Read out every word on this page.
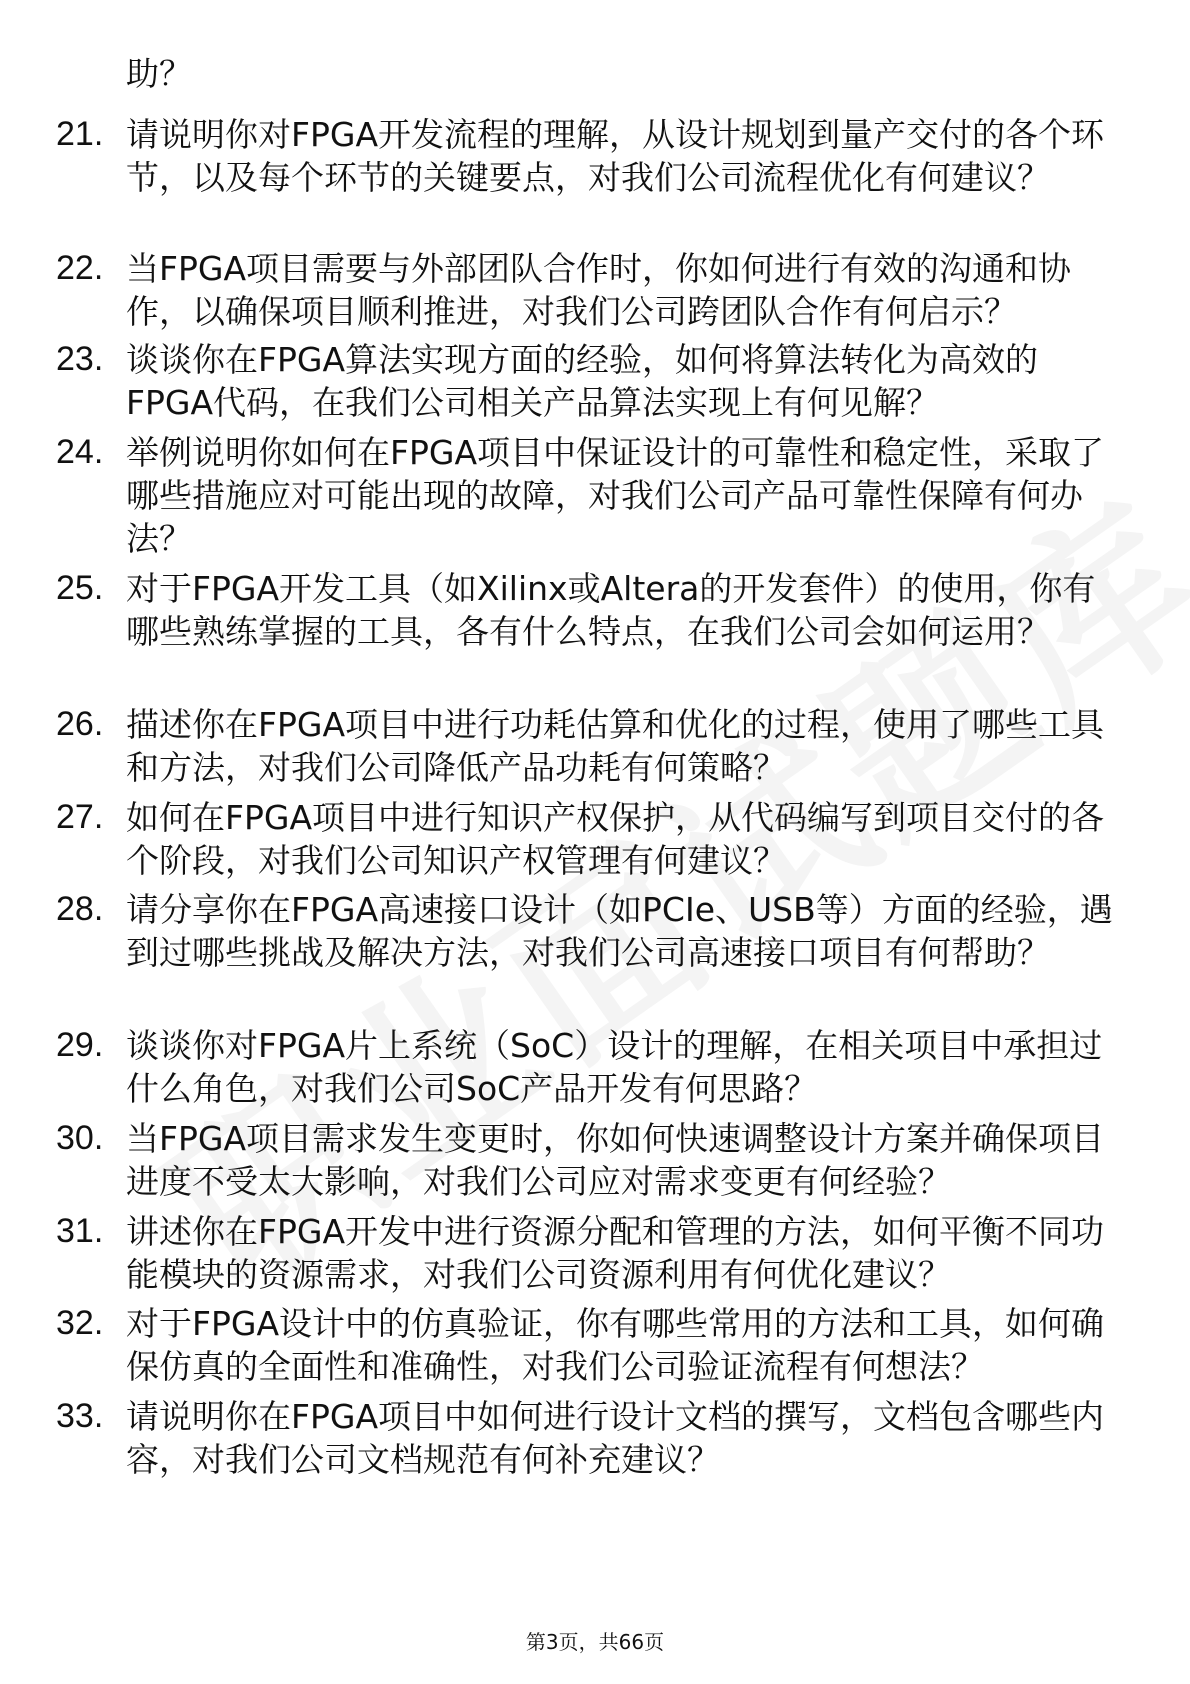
助？
21. 请说明你对FPGA开发流程的理解，从设计规划到量产交付的各个环节，以及每个环节的关键要点，对我们公司流程优化有何建议？
22. 当FPGA项目需要与外部团队合作时，你如何进行有效的沟通和协作，以确保项目顺利推进，对我们公司跨团队合作有何启示？
23. 谈谈你在FPGA算法实现方面的经验，如何将算法转化为高效的FPGA代码，在我们公司相关产品算法实现上有何见解？
24. 举例说明你如何在FPGA项目中保证设计的可靠性和稳定性，采取了哪些措施应对可能出现的故障，对我们公司产品可靠性保障有何办法？
25. 对于FPGA开发工具（如Xilinx或Altera的开发套件）的使用，你有哪些熟练掌握的工具，各有什么特点，在我们公司会如何运用？
26. 描述你在FPGA项目中进行功耗估算和优化的过程，使用了哪些工具和方法，对我们公司降低产品功耗有何策略？
27. 如何在FPGA项目中进行知识产权保护，从代码编写到项目交付的各个阶段，对我们公司知识产权管理有何建议？
28. 请分享你在FPGA高速接口设计（如PCIe、USB等）方面的经验，遇到过哪些挑战及解决方法，对我们公司高速接口项目有何帮助？
29. 谈谈你对FPGA片上系统（SoC）设计的理解，在相关项目中承担过什么角色，对我们公司SoC产品开发有何思路？
30. 当FPGA项目需求发生变更时，你如何快速调整设计方案并确保项目进度不受太大影响，对我们公司应对需求变更有何经验？
31. 讲述你在FPGA开发中进行资源分配和管理的方法，如何平衡不同功能模块的资源需求，对我们公司资源利用有何优化建议？
32. 对于FPGA设计中的仿真验证，你有哪些常用的方法和工具，如何确保仿真的全面性和准确性，对我们公司验证流程有何想法？
33. 请说明你在FPGA项目中如何进行设计文档的撰写，文档包含哪些内容，对我们公司文档规范有何补充建议？
第3页，共66页
